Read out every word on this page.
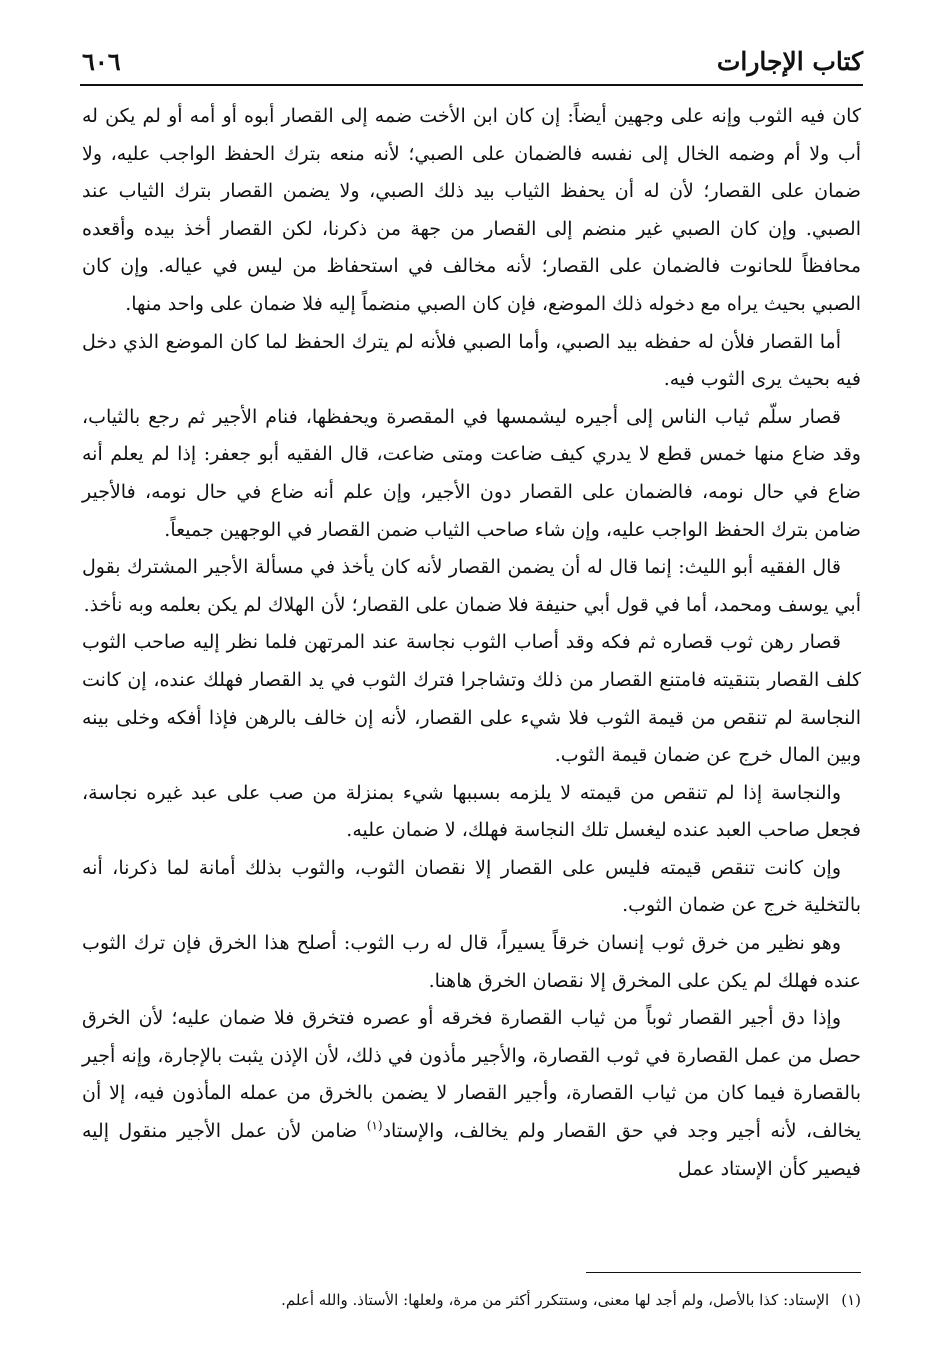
كتاب الإجارات
٦٠٦

كان فيه الثوب وإنه على وجهين أيضاً: إن كان ابن الأخت ضمه إلى القصار أبوه أو أمه أو لم يكن له أب ولا أم وضمه الخال إلى نفسه فالضمان على الصبي؛ لأنه منعه بترك الحفظ الواجب عليه، ولا ضمان على القصار؛ لأن له أن يحفظ الثياب بيد ذلك الصبي، ولا يضمن القصار بترك الثياب عند الصبي. وإن كان الصبي غير منضم إلى القصار من جهة من ذكرنا، لكن القصار أخذ بيده وأقعده محافظاً للحانوت فالضمان على القصار؛ لأنه مخالف في استحفاظ من ليس في عياله. وإن كان الصبي بحيث يراه مع دخوله ذلك الموضع، فإن كان الصبي منضماً إليه فلا ضمان على واحد منها.

أما القصار فلأن له حفظه بيد الصبي، وأما الصبي فلأنه لم يترك الحفظ لما كان الموضع الذي دخل فيه بحيث يرى الثوب فيه.

قصار سلّم ثياب الناس إلى أجيره ليشمسها في المقصرة ويحفظها، فنام الأجير ثم رجع بالثياب، وقد ضاع منها خمس قطع لا يدري كيف ضاعت ومتى ضاعت، قال الفقيه أبو جعفر: إذا لم يعلم أنه ضاع في حال نومه، فالضمان على القصار دون الأجير، وإن علم أنه ضاع في حال نومه، فالأجير ضامن بترك الحفظ الواجب عليه، وإن شاء صاحب الثياب ضمن القصار في الوجهين جميعاً.

قال الفقيه أبو الليث: إنما قال له أن يضمن القصار لأنه كان يأخذ في مسألة الأجير المشترك بقول أبي يوسف ومحمد، أما في قول أبي حنيفة فلا ضمان على القصار؛ لأن الهلاك لم يكن بعلمه وبه نأخذ.

قصار رهن ثوب قصاره ثم فكه وقد أصاب الثوب نجاسة عند المرتهن فلما نظر إليه صاحب الثوب كلف القصار بتنقيته فامتنع القصار من ذلك وتشاجرا فترك الثوب في يد القصار فهلك عنده، إن كانت النجاسة لم تنقص من قيمة الثوب فلا شيء على القصار، لأنه إن خالف بالرهن فإذا أفكه وخلى بينه وبين المال خرج عن ضمان قيمة الثوب.

والنجاسة إذا لم تنقص من قيمته لا يلزمه بسببها شيء بمنزلة من صب على عبد غيره نجاسة، فجعل صاحب العبد عنده ليغسل تلك النجاسة فهلك، لا ضمان عليه.

وإن كانت تنقص قيمته فليس على القصار إلا نقصان الثوب، والثوب بذلك أمانة لما ذكرنا، أنه بالتخلية خرج عن ضمان الثوب.

وهو نظير من خرق ثوب إنسان خرقاً يسيراً، قال له رب الثوب: أصلح هذا الخرق فإن ترك الثوب عنده فهلك لم يكن على المخرق إلا نقصان الخرق هاهنا.

وإذا دق أجير القصار ثوباً من ثياب القصارة فخرقه أو عصره فتخرق فلا ضمان عليه؛ لأن الخرق حصل من عمل القصارة في ثوب القصارة، والأجير مأذون في ذلك، لأن الإذن يثبت بالإجارة، وإنه أجير بالقصارة فيما كان من ثياب القصارة، وأجير القصار لا يضمن بالخرق من عمله المأذون فيه، إلا أن يخالف، لأنه أجير وجد في حق القصار ولم يخالف، والإستاد$^{(١)}$ ضامن لأن عمل الأجير منقول إليه فيصير كأن الإستاد عمل

(١)الإستاد: كذا بالأصل، ولم أجد لها معنى، وستتكرر أكثر من مرة، ولعلها: الأستاذ. والله أعلم.
